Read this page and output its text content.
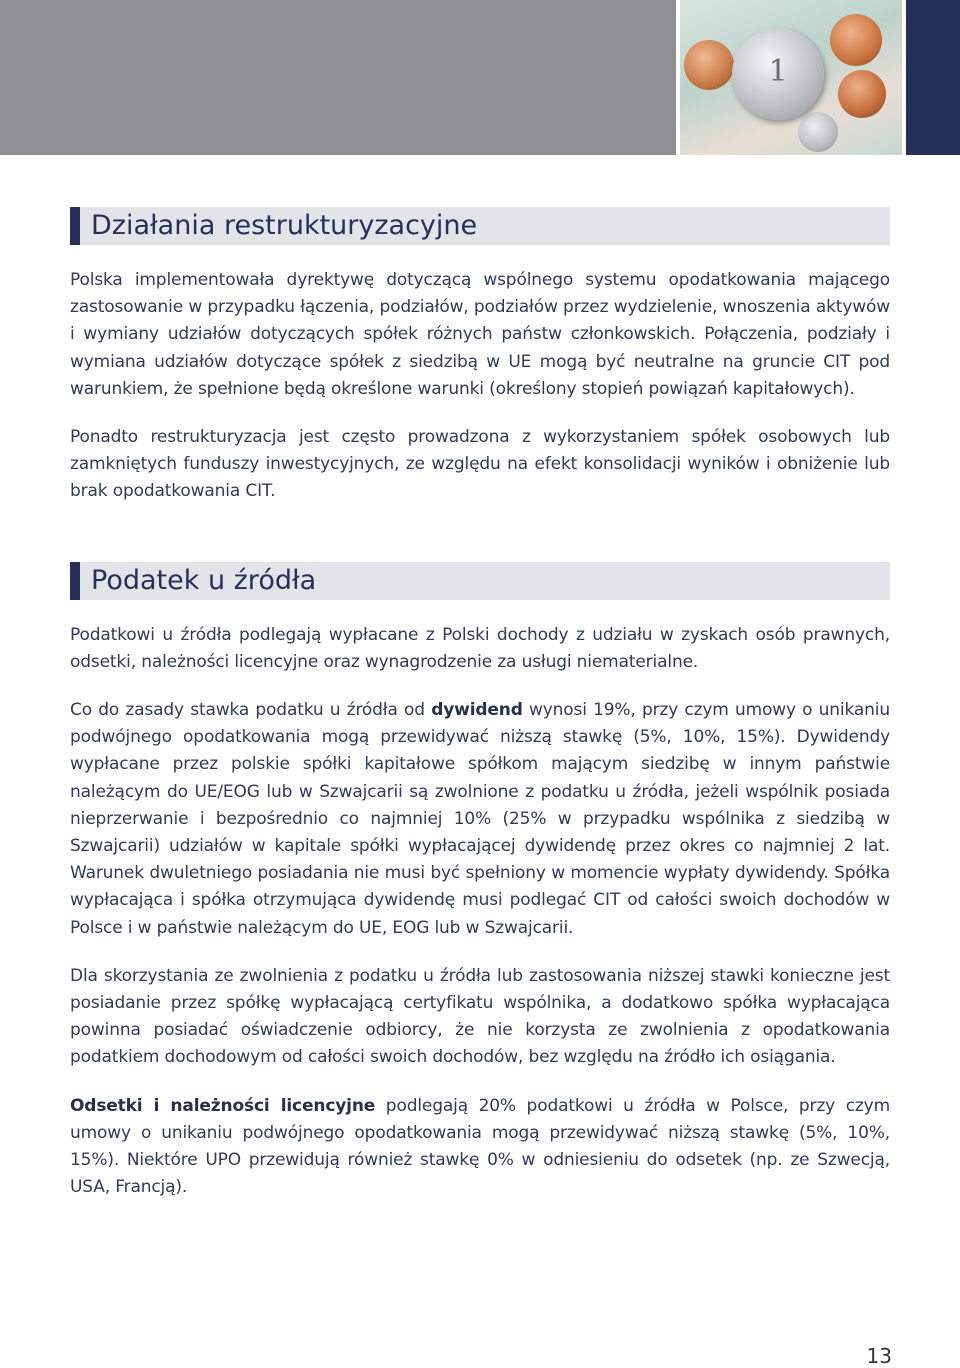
1
Działania restrukturyzacyjne

Polska implementowała dyrektywę dotyczącą wspólnego systemu opodatkowania mającego zastosowanie w przypadku łączenia, podziałów, podziałów przez wydzielenie, wnoszenia aktywów i wymiany udziałów dotyczących spółek różnych państw członkowskich. Połączenia, podziały i wymiana udziałów dotyczące spółek z siedzibą w UE mogą być neutralne na gruncie CIT pod warunkiem, że spełnione będą określone warunki (określony stopień powiązań kapitałowych).

Ponadto restrukturyzacja jest często prowadzona z wykorzystaniem spółek osobowych lub zamkniętych funduszy inwestycyjnych, ze względu na efekt konsolidacji wyników i obniżenie lub brak opodatkowania CIT.

Podatek u źródła

Podatkowi u źródła podlegają wypłacane z Polski dochody z udziału w zyskach osób prawnych, odsetki, należności licencyjne oraz wynagrodzenie za usługi niematerialne.

Co do zasady stawka podatku u źródła od dywidend wynosi 19%, przy czym umowy o unikaniu podwójnego opodatkowania mogą przewidywać niższą stawkę (5%, 10%, 15%). Dywidendy wypłacane przez polskie spółki kapitałowe spółkom mającym siedzibę w innym państwie należącym do UE/EOG lub w Szwajcarii są zwolnione z podatku u źródła, jeżeli wspólnik posiada nieprzerwanie i bezpośrednio co najmniej 10% (25% w przypadku wspólnika z siedzibą w Szwajcarii) udziałów w kapitale spółki wypłacającej dywidendę przez okres co najmniej 2 lat. Warunek dwuletniego posiadania nie musi być spełniony w momencie wypłaty dywidendy. Spółka wypłacająca i spółka otrzymująca dywidendę musi podlegać CIT od całości swoich dochodów w Polsce i w państwie należącym do UE, EOG lub w Szwajcarii.

Dla skorzystania ze zwolnienia z podatku u źródła lub zastosowania niższej stawki konieczne jest posiadanie przez spółkę wypłacającą certyfikatu wspólnika, a dodatkowo spółka wypłacająca powinna posiadać oświadczenie odbiorcy, że nie korzysta ze zwolnienia z opodatkowania podatkiem dochodowym od całości swoich dochodów, bez względu na źródło ich osiągania.

Odsetki i należności licencyjne podlegają 20% podatkowi u źródła w Polsce, przy czym umowy o unikaniu podwójnego opodatkowania mogą przewidywać niższą stawkę (5%, 10%, 15%). Niektóre UPO przewidują również stawkę 0% w odniesieniu do odsetek (np. ze Szwecją, USA, Francją).

13
